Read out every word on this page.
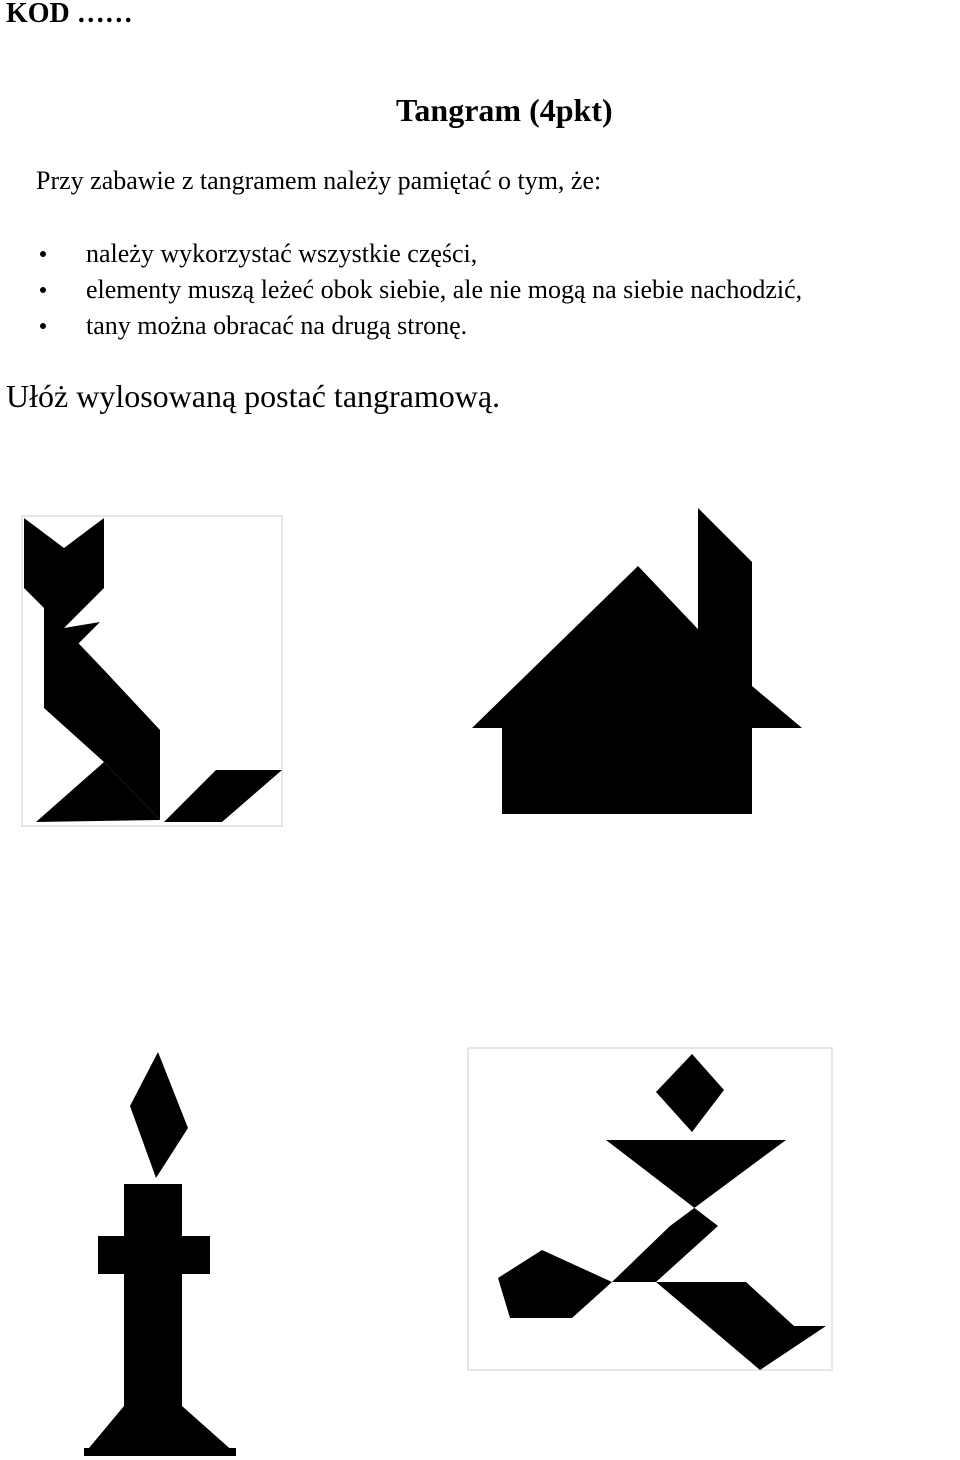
KOD ……
Tangram (4pkt)
Przy zabawie z tangramem należy pamiętać o tym, że:
należy wykorzystać wszystkie części,
elementy muszą leżeć obok siebie, ale nie mogą na siebie nachodzić,
tany można obracać na drugą stronę.
Ułóż wylosowaną postać tangramową.
